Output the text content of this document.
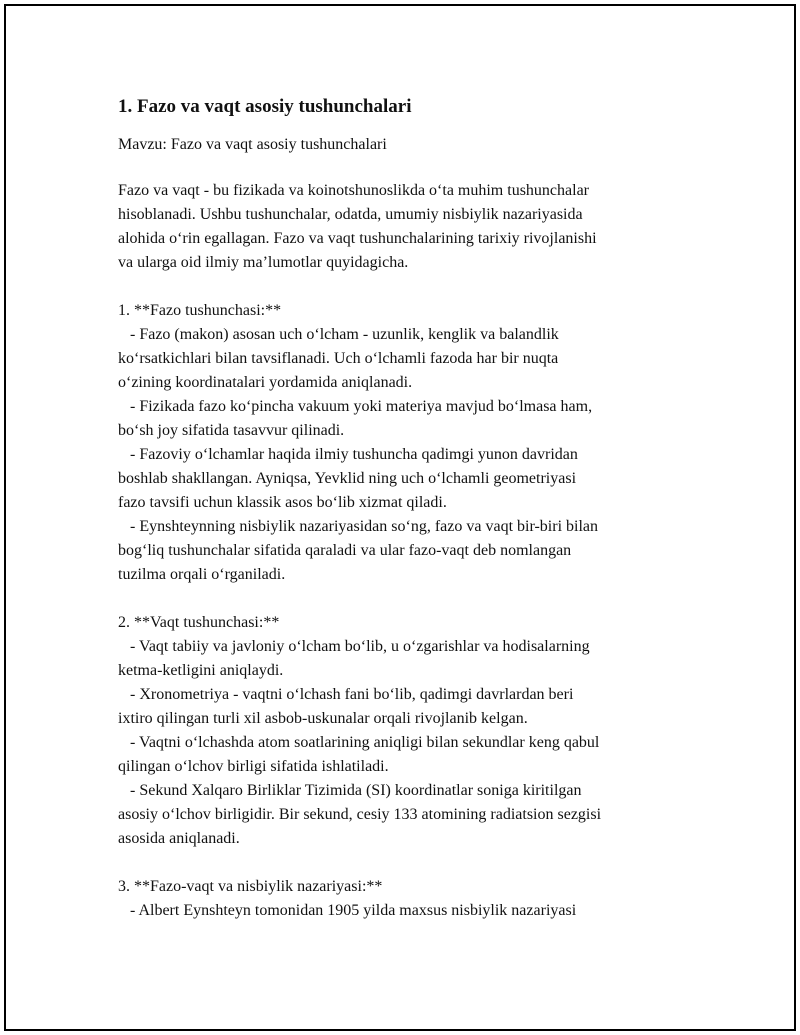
1. Fazo va vaqt asosiy tushunchalari
Mavzu: Fazo va vaqt asosiy tushunchalari
Fazo va vaqt - bu fizikada va koinotshunoslikda o‘ta muhim tushunchalar
hisoblanadi. Ushbu tushunchalar, odatda, umumiy nisbiylik nazariyasida
alohida o‘rin egallagan. Fazo va vaqt tushunchalarining tarixiy rivojlanishi
va ularga oid ilmiy ma’lumotlar quyidagicha.
1. **Fazo tushunchasi:**
- Fazo (makon) asosan uch o‘lcham - uzunlik, kenglik va balandlik
ko‘rsatkichlari bilan tavsiflanadi. Uch o‘lchamli fazoda har bir nuqta
o‘zining koordinatalari yordamida aniqlanadi.
- Fizikada fazo ko‘pincha vakuum yoki materiya mavjud bo‘lmasa ham,
bo‘sh joy sifatida tasavvur qilinadi.
- Fazoviy o‘lchamlar haqida ilmiy tushuncha qadimgi yunon davridan
boshlab shakllangan. Ayniqsa, Yevklid ning uch o‘lchamli geometriyasi
fazo tavsifi uchun klassik asos bo‘lib xizmat qiladi.
- Eynshteynning nisbiylik nazariyasidan so‘ng, fazo va vaqt bir-biri bilan
bog‘liq tushunchalar sifatida qaraladi va ular fazo-vaqt deb nomlangan
tuzilma orqali o‘rganiladi.
2. **Vaqt tushunchasi:**
- Vaqt tabiiy va javloniy o‘lcham bo‘lib, u o‘zgarishlar va hodisalarning
ketma-ketligini aniqlaydi.
- Xronometriya - vaqtni o‘lchash fani bo‘lib, qadimgi davrlardan beri
ixtiro qilingan turli xil asbob-uskunalar orqali rivojlanib kelgan.
- Vaqtni o‘lchashda atom soatlarining aniqligi bilan sekundlar keng qabul
qilingan o‘lchov birligi sifatida ishlatiladi.
- Sekund Xalqaro Birliklar Tizimida (SI) koordinatlar soniga kiritilgan
asosiy o‘lchov birligidir. Bir sekund, cesiy 133 atomining radiatsion sezgisi
asosida aniqlanadi.
3. **Fazo-vaqt va nisbiylik nazariyasi:**
- Albert Eynshteyn tomonidan 1905 yilda maxsus nisbiylik nazariyasi
